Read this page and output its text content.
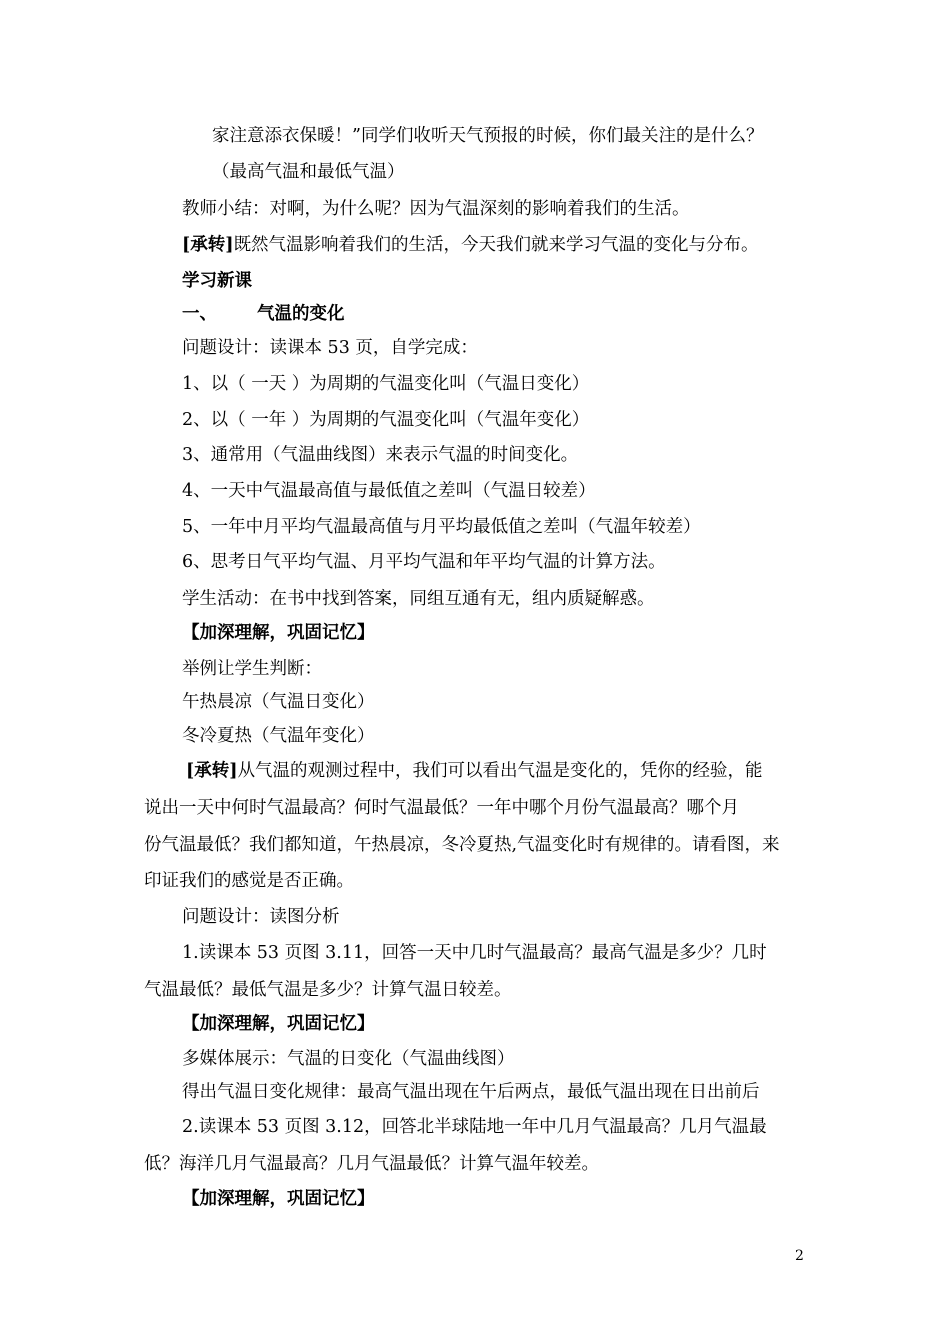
家注意添衣保暖！”同学们收听天气预报的时候，你们最关注的是什么？
（最高气温和最低气温）
教师小结：对啊，为什么呢？因为气温深刻的影响着我们的生活。
[承转]既然气温影响着我们的生活，今天我们就来学习气温的变化与分布。
学习新课
一、 气温的变化
问题设计：读课本 53 页，自学完成：
1、以（ 一天 ）为周期的气温变化叫（气温日变化）
2、以（ 一年 ）为周期的气温变化叫（气温年变化）
3、通常用（气温曲线图）来表示气温的时间变化。
4、一天中气温最高值与最低值之差叫（气温日较差）
5、一年中月平均气温最高值与月平均最低值之差叫（气温年较差）
6、思考日气平均气温、月平均气温和年平均气温的计算方法。
学生活动：在书中找到答案，同组互通有无，组内质疑解惑。
【加深理解，巩固记忆】
举例让学生判断：
午热晨凉（气温日变化）
冬冷夏热（气温年变化）
[承转]从气温的观测过程中，我们可以看出气温是变化的，凭你的经验，能
说出一天中何时气温最高？何时气温最低？一年中哪个月份气温最高？哪个月
份气温最低？我们都知道，午热晨凉，冬冷夏热,气温变化时有规律的。请看图，来
印证我们的感觉是否正确。
问题设计：读图分析
1.读课本 53 页图 3.11，回答一天中几时气温最高？最高气温是多少？几时
气温最低？最低气温是多少？计算气温日较差。
【加深理解，巩固记忆】
多媒体展示：气温的日变化（气温曲线图）
得出气温日变化规律：最高气温出现在午后两点，最低气温出现在日出前后
2.读课本 53 页图 3.12，回答北半球陆地一年中几月气温最高？几月气温最
低？海洋几月气温最高？几月气温最低？计算气温年较差。
【加深理解，巩固记忆】
2
